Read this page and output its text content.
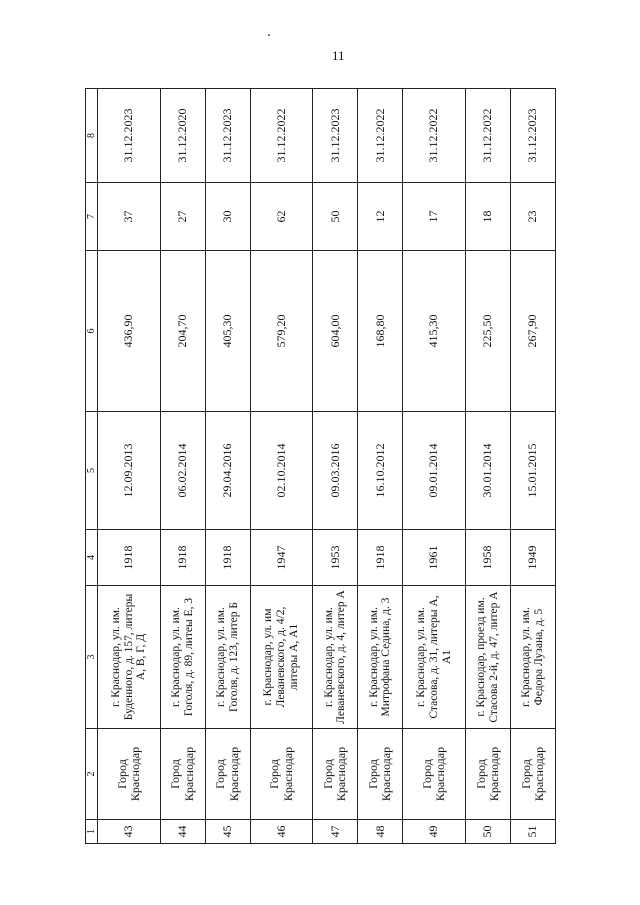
11
1	2	3	4	5	6	7	8
43	Город Краснодар	г. Краснодар, ул. им. Буденного, д. 157, литеры А, В, Г, Д	1918	12.09.2013	436,90	37	31.12.2023
44	Город Краснодар	г. Краснодар, ул. им. Гоголя, д. 89, литеы Е, З	1918	06.02.2014	204,70	27	31.12.2020
45	Город Краснодар	г. Краснодар, ул. им. Гоголя, д. 123, литер Б	1918	29.04.2016	405,30	30	31.12.2023
46	Город Краснодар	г. Краснодар, ул. им Леваневского, д. 4/2, литеры А, А1	1947	02.10.2014	579,20	62	31.12.2022
47	Город Краснодар	г. Краснодар, ул. им. Леваневского, д. 4, литер А	1953	09.03.2016	604,00	50	31.12.2023
48	Город Краснодар	г. Краснодар, ул. им. Митрофана Седина, д. 3	1918	16.10.2012	168,80	12	31.12.2022
49	Город Краснодар	г. Краснодар, ул. им. Стасова, д. 31, литеры А, А1	1961	09.01.2014	415,30	17	31.12.2022
50	Город Краснодар	г. Краснодар, проезд им. Стасова 2-й, д. 47, литер А	1958	30.01.2014	225,50	18	31.12.2022
51	Город Краснодар	г. Краснодар, ул. им. Федора Лузана, д. 5	1949	15.01.2015	267,90	23	31.12.2023
